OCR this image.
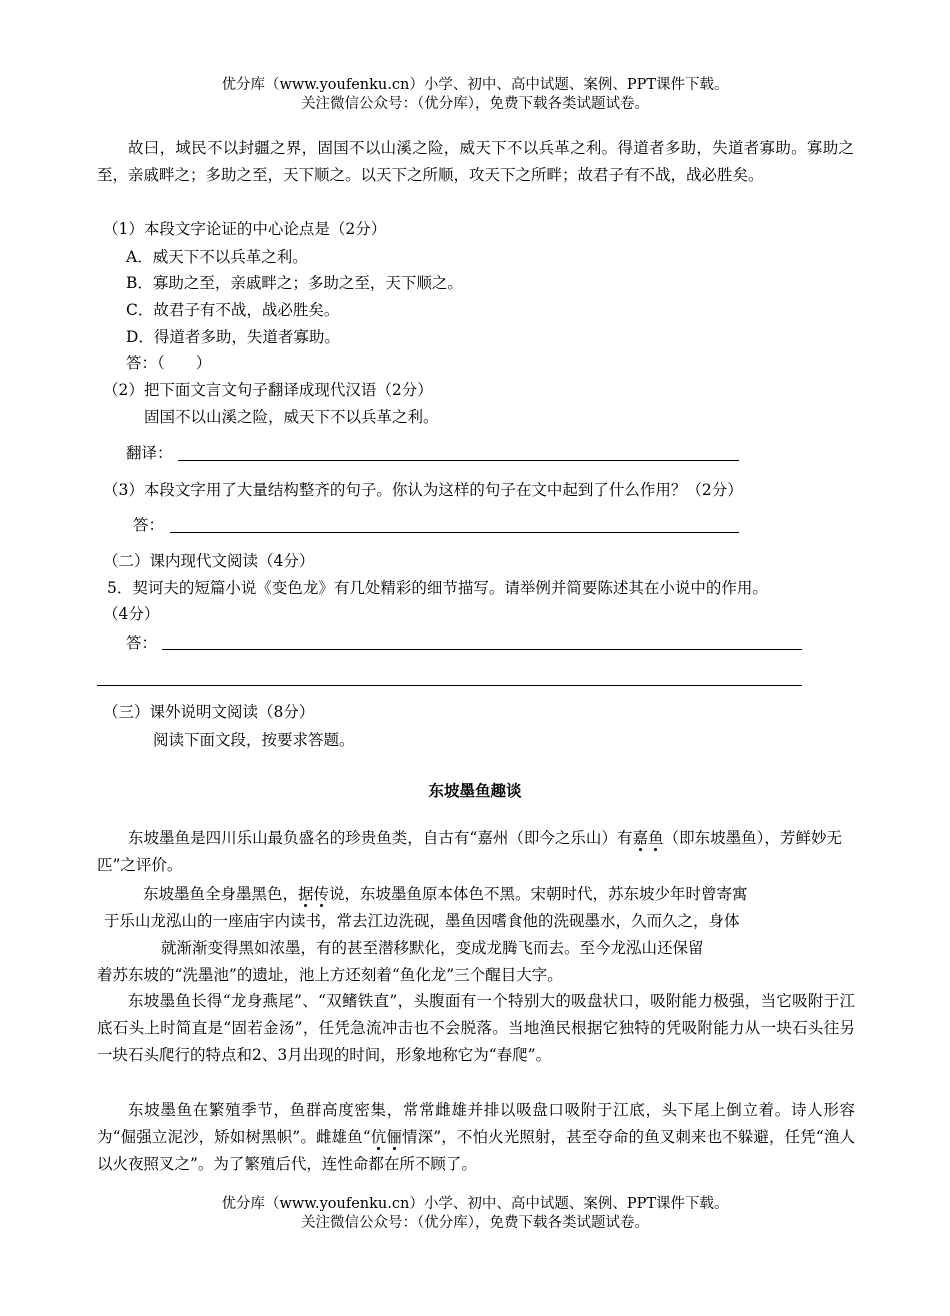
优分库（www.youfenku.cn）小学、初中、高中试题、案例、PPT课件下载。
关注微信公众号：（优分库），免费下载各类试题试卷。
故曰，域民不以封疆之界，固国不以山溪之险，威天下不以兵革之利。得道者多助，失道者寡助。寡助之至，亲戚畔之；多助之至，天下顺之。以天下之所顺，攻天下之所畔；故君子有不战，战必胜矣。
（1）本段文字论证的中心论点是（2分）
A．威天下不以兵革之利。
B．寡助之至，亲戚畔之；多助之至，天下顺之。
C．故君子有不战，战必胜矣。
D．得道者多助，失道者寡助。
答：（　　）
（2）把下面文言文句子翻译成现代汉语（2分）
固国不以山溪之险，威天下不以兵革之利。
翻译：
（3）本段文字用了大量结构整齐的句子。你认为这样的句子在文中起到了什么作用？（2分）
答：
（二）课内现代文阅读（4分）
5．契诃夫的短篇小说《变色龙》有几处精彩的细节描写。请举例并简要陈述其在小说中的作用。
（4分）
答：
（三）课外说明文阅读（8分）
阅读下面文段，按要求答题。
东坡墨鱼趣谈
东坡墨鱼是四川乐山最负盛名的珍贵鱼类，自古有“嘉州（即今之乐山）有嘉鱼（即东坡墨鱼），芳鲜妙无匹”之评价。
东坡墨鱼全身墨黑色，据传说，东坡墨鱼原本体色不黑。宋朝时代，苏东坡少年时曾寄寓
于乐山龙泓山的一座庙宇内读书，常去江边洗砚，墨鱼因嗜食他的洗砚墨水，久而久之，身体
就渐渐变得黑如浓墨，有的甚至潜移默化，变成龙腾飞而去。至今龙泓山还保留
着苏东坡的“洗墨池”的遗址，池上方还刻着“鱼化龙”三个醒目大字。
东坡墨鱼长得“龙身燕尾”、“双鳍铁直”，头腹面有一个特别大的吸盘状口，吸附能力极强，当它吸附于江底石头上时简直是“固若金汤”，任凭急流冲击也不会脱落。当地渔民根据它独特的凭吸附能力从一块石头往另一块石头爬行的特点和2、3月出现的时间，形象地称它为“春爬”。
东坡墨鱼在繁殖季节，鱼群高度密集，常常雌雄并排以吸盘口吸附于江底，头下尾上倒立着。诗人形容为“倔强立泥沙，矫如树黑帜”。雌雄鱼“伉俪情深”，不怕火光照射，甚至夺命的鱼叉刺来也不躲避，任凭“渔人以火夜照叉之”。为了繁殖后代，连性命都在所不顾了。
优分库（www.youfenku.cn）小学、初中、高中试题、案例、PPT课件下载。
关注微信公众号：（优分库），免费下载各类试题试卷。
